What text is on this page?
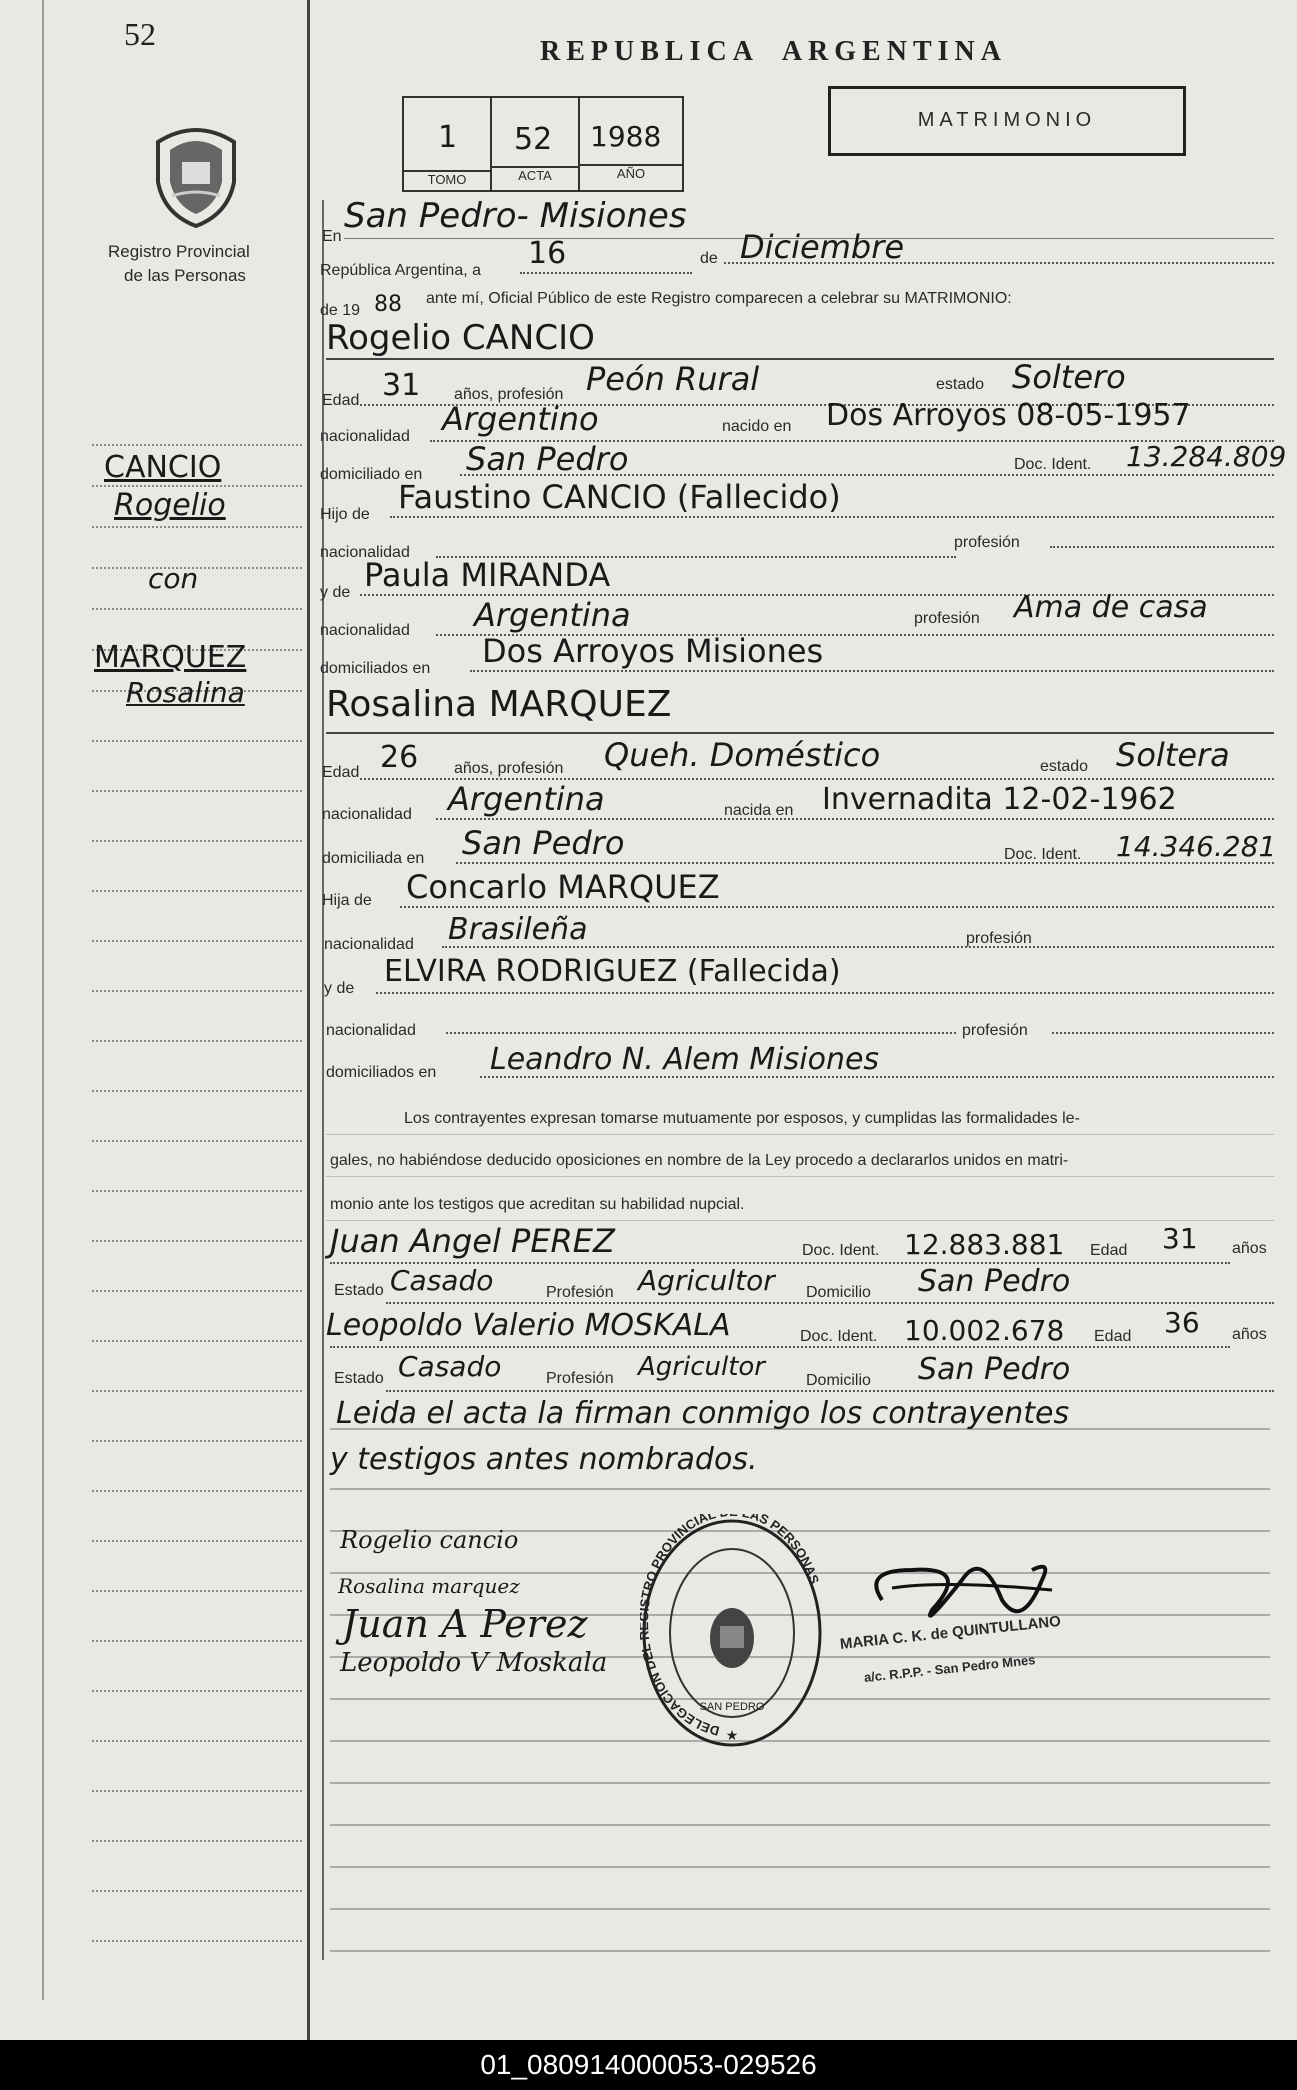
52
Registro Provincial
de las Personas
CANCIO
Rogelio
con
MARQUEZ
Rosalina
REPUBLICA  ARGENTINA
1
TOMO
52
ACTA
1988
AÑO
MATRIMONIO
En
San Pedro- Misiones
República Argentina, a 16	de Diciembre
de 19 88 ante mí, Oficial Público de este Registro comparecen a celebrar su MATRIMONIO:
Rogelio CANCIO
Edad 31 años, profesión Peón Rural	estado Soltero
nacionalidad Argentino	nacido en Dos Arroyos 08-05-1957
domiciliado en San Pedro	Doc. Ident. 13.284.809
Hijo de Faustino CANCIO (Fallecido)
nacionalidad
profesión
y de Paula MIRANDA
nacionalidad Argentina	profesión Ama de casa
domiciliados en Dos Arroyos Misiones
Rosalina MARQUEZ
Edad 26 años, profesión Queh. Doméstico	estado Soltera
nacionalidad Argentina	nacida en Invernadita 12-02-1962
domiciliada en San Pedro	Doc. Ident. 14.346.281
Hija de Concarlo MARQUEZ
nacionalidad Brasileña	profesión
y de ELVIRA RODRIGUEZ (Fallecida)
nacionalidad	profesión
domiciliados en Leandro N. Alem Misiones
Los contrayentes expresan tomarse mutuamente por esposos, y cumplidas las formalidades le-
gales, no habiéndose deducido oposiciones en nombre de la Ley procedo a declararlos unidos en matri-
monio ante los testigos que acreditan su habilidad nupcial.
Juan Angel PEREZ	Doc. Ident. 12.883.881 Edad 31 años
Estado Casado	Profesión Agricultor Domicilio San Pedro
Leopoldo Valerio MOSKALA	Doc. Ident. 10.002.678 Edad 36 años
Estado Casado	Profesión Agricultor	Domicilio San Pedro
Leida el acta la firman conmigo los contrayentes
y testigos antes nombrados.
Rogelio cancio
Rosalina marquez
Juan A Perez
Leopoldo V Moskala
DELEGACION DE RO PROVINCIAL AS PERSONAS
SAN PEDRO
★
MARIA C. K. de QUINTULLANO
a/c. R.P.P. - San Pedro Mnes
01_080914000053-029526
